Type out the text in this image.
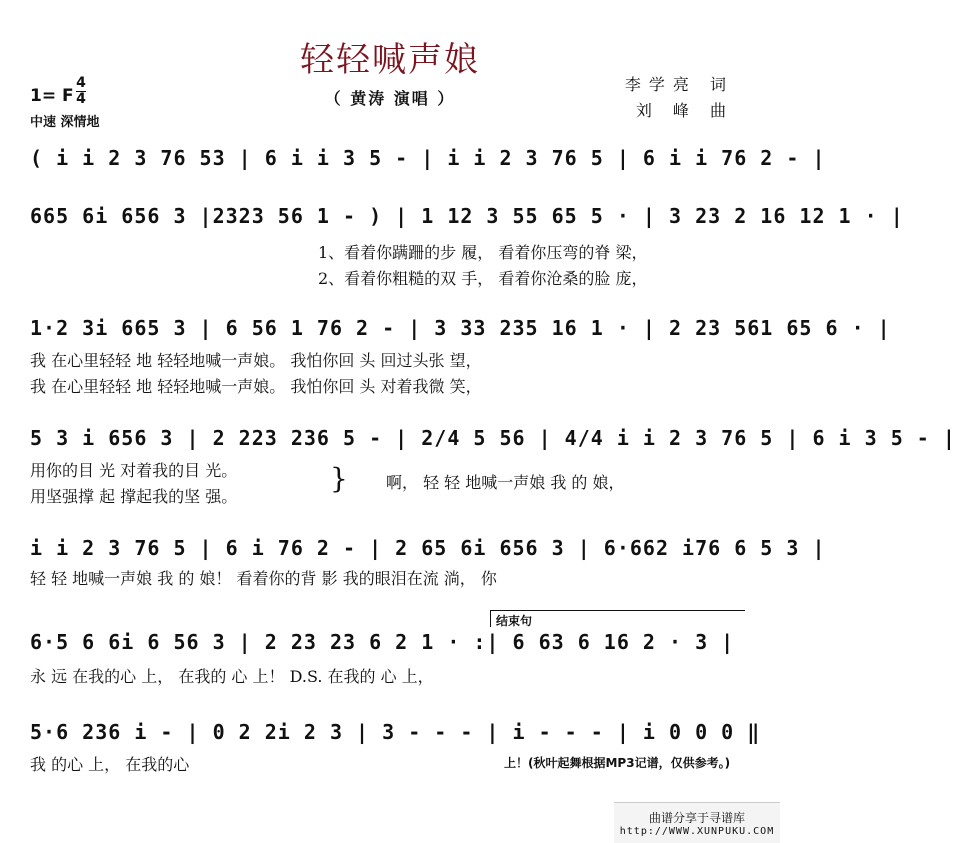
轻轻喊声娘
（ 黄涛 演唱 ）
1= F
4
4
中速 深情地
李学亮 词
刘 峰 曲
( i i 2 3 76 53 | 6 i i 3 5 - | i i 2 3 76 5 | 6 i i 76 2 - |
665 6i 656 3 |2323 56 1 - ) | 1 12 3 55 65 5 · | 3 23 2 16 12 1 · |
1、看着你蹒跚的步 履， 看着你压弯的脊 梁，
2、看着你粗糙的双 手， 看着你沧桑的脸 庞，
1·2 3i 665 3 | 6 56 1 76 2 - | 3 33 235 16 1 · | 2 23 561 65 6 · |
我 在心里轻轻 地 轻轻地喊一声娘。 我怕你回 头 回过头张 望，
我 在心里轻轻 地 轻轻地喊一声娘。 我怕你回 头 对着我微 笑，
5 3 i 656 3 | 2 223 236 5 - | 2/4 5 56 | 4/4 i i 2 3 76 5 | 6 i 3 5 - |
用你的目 光 对着我的目 光。
用坚强撑 起 撑起我的坚 强。
} 啊， 轻 轻 地喊一声娘 我 的 娘，
i i 2 3 76 5 | 6 i 76 2 - | 2 65 6i 656 3 | 6·662 i76 6 5 3 |
轻 轻 地喊一声娘 我 的 娘！ 看着你的背 影 我的眼泪在流 淌， 你
结束句
6·5 6 6i 6 56 3 | 2 23 23 6 2 1 · :| 6 63 6 16 2 · 3 |
永 远 在我的心 上， 在我的 心 上！ D.S. 在我的 心 上，
5·6 236 i - | 0 2 2i 2 3 | 3 - - - | i - - - | i 0 0 0 ‖
我 的心 上， 在我的心	上！(秋叶起舞根据MP3记谱，仅供参考。)
曲谱分享于寻谱库
http://WWW.XUNPUKU.COM
